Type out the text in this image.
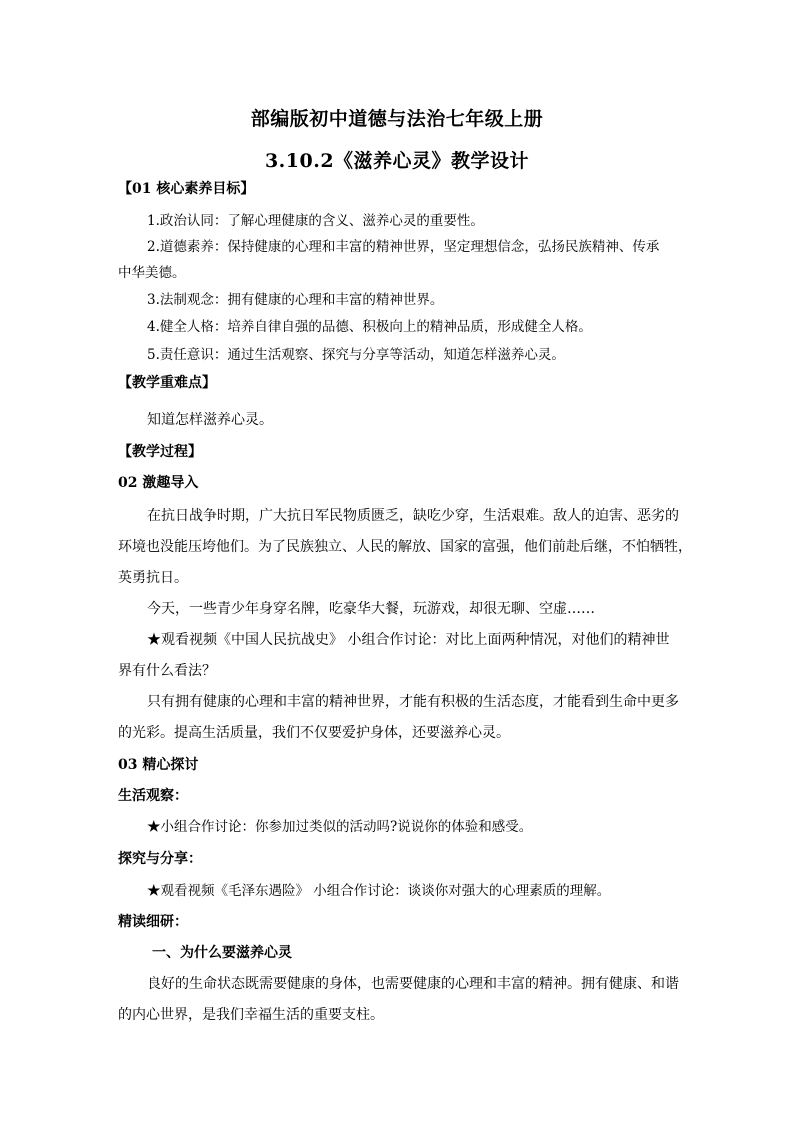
部编版初中道德与法治七年级上册
3.10.2《滋养心灵》教学设计
【01 核心素养目标】
1.政治认同：了解心理健康的含义、滋养心灵的重要性。
2.道德素养：保持健康的心理和丰富的精神世界，坚定理想信念，弘扬民族精神、传承
中华美德。
3.法制观念：拥有健康的心理和丰富的精神世界。
4.健全人格：培养自律自强的品德、积极向上的精神品质，形成健全人格。
5.责任意识：通过生活观察、探究与分享等活动，知道怎样滋养心灵。
【教学重难点】
知道怎样滋养心灵。
【教学过程】
02 激趣导入
在抗日战争时期，广大抗日军民物质匮乏，缺吃少穿，生活艰难。敌人的迫害、恶劣的
环境也没能压垮他们。为了民族独立、人民的解放、国家的富强，他们前赴后继，不怕牺牲，
英勇抗日。
今天，一些青少年身穿名牌，吃豪华大餐，玩游戏，却很无聊、空虚……
★观看视频《中国人民抗战史》 小组合作讨论：对比上面两种情况，对他们的精神世
界有什么看法？
只有拥有健康的心理和丰富的精神世界，才能有积极的生活态度，才能看到生命中更多
的光彩。提高生活质量，我们不仅要爱护身体，还要滋养心灵。
03 精心探讨
生活观察：
★小组合作讨论：你参加过类似的活动吗?说说你的体验和感受。
探究与分享：
★观看视频《毛泽东遇险》 小组合作讨论：谈谈你对强大的心理素质的理解。
精读细研：
一、为什么要滋养心灵
良好的生命状态既需要健康的身体，也需要健康的心理和丰富的精神。拥有健康、和谐
的内心世界，是我们幸福生活的重要支柱。
